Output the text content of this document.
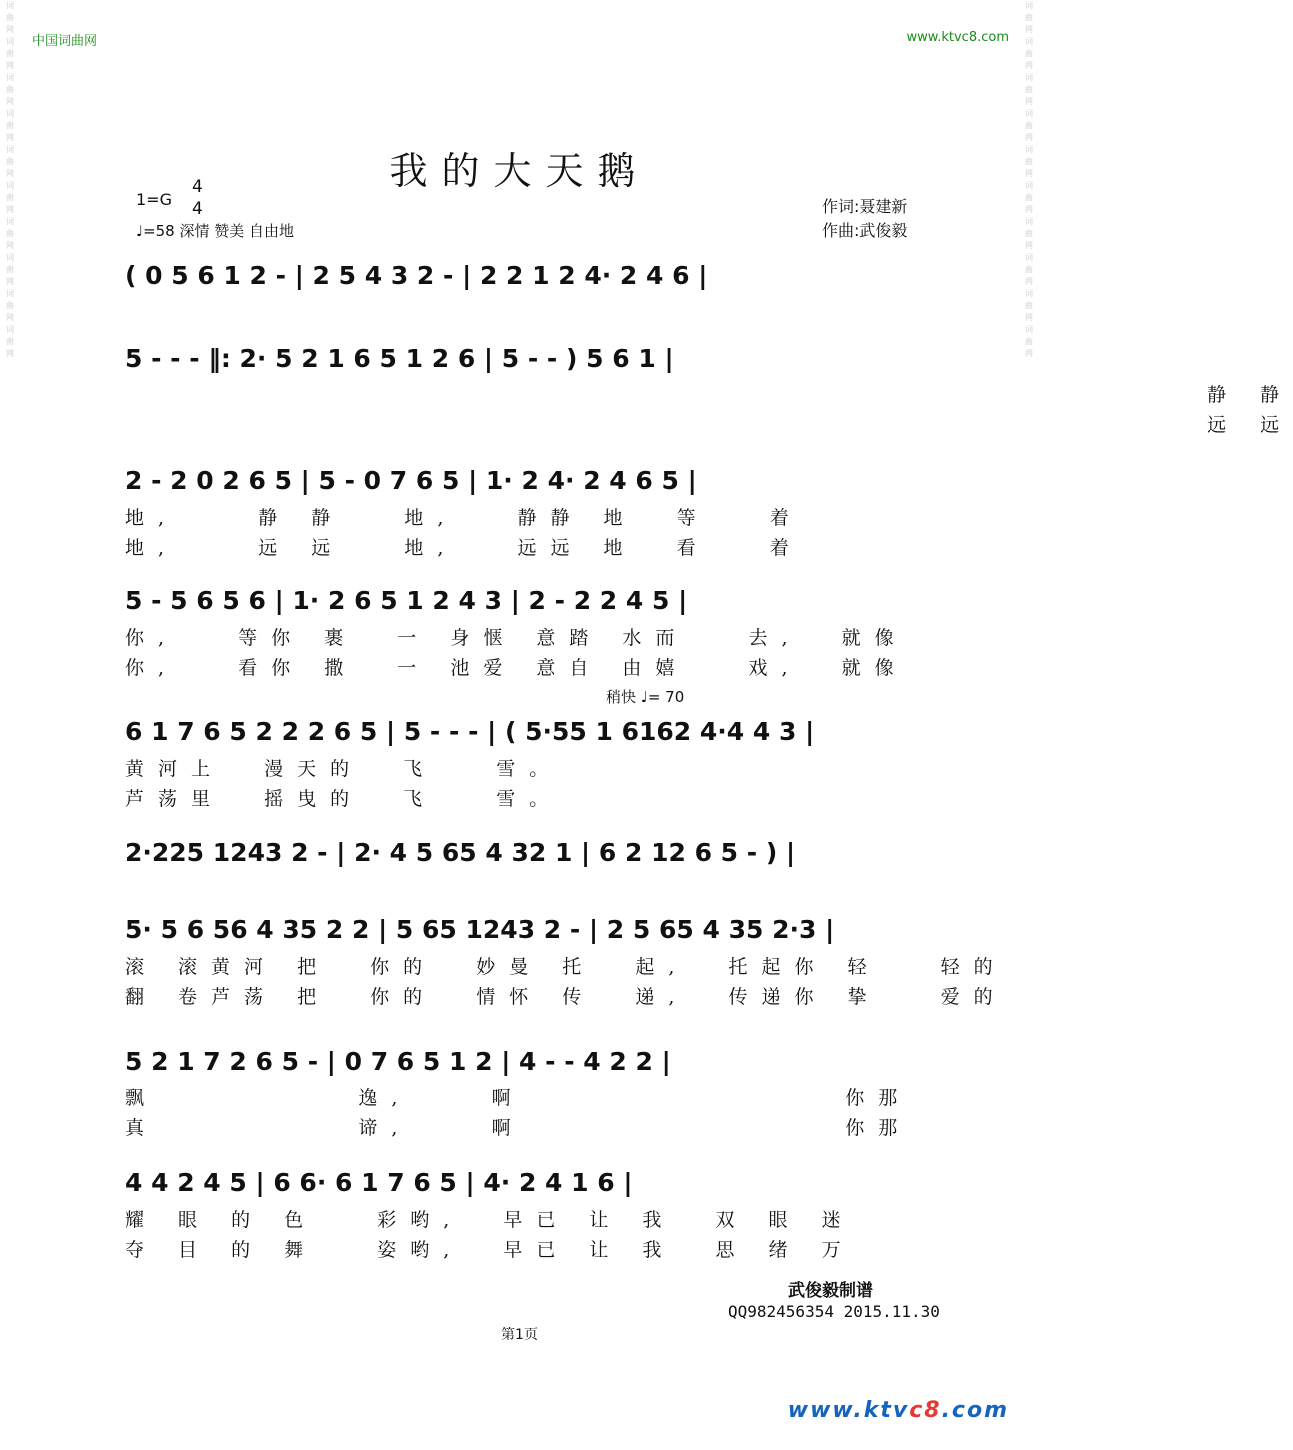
词曲网
词曲网
词曲网
词曲网
词曲网
词曲网
词曲网
词曲网
词曲网
词曲网
词曲网
词曲网
词曲网
词曲网
词曲网
词曲网
词曲网
词曲网
词曲网
词曲网
中国词曲网	www.ktvc8.com
我的大天鹅
1=G
4
4
♩=58 深情 赞美 自由地
作词:聂建新
作曲:武俊毅
( 0 5 6 1 2 - | 2 5 4 3 2 - | 2 2 1 2 4· 2 4 6 |
5 - - - ‖: 2· 5 2 1 6 5 1 2 6 | 5 - - ) 5 6 1 |
静 静
远 远
2 - 2 0 2 6 5 | 5 - 0 7 6 5 | 1· 2 4· 2 4 6 5 |
地,    静 静   地,   静静 地  等   着
地,    远 远   地,   远远 地  看   着
5 - 5 6 5 6 | 1· 2 6 5 1 2 4 3 | 2 - 2 2 4 5 |
你,   等你 裹  一 身惬 意踏 水而   去,  就像
你,   看你 撒  一 池爱 意自 由嬉   戏,  就像
稍快 ♩= 70
6 1 7 6 5 2 2 2 6 5 | 5 - - - | ( 5·55 1 6162 4·4 4 3 |
黄河上  漫天的  飞   雪。
芦荡里  摇曳的  飞   雪。
2·225 1243 2 - | 2· 4 5 65 4 32 1 | 6 2 12 6 5 - ) |
5· 5 6 56 4 35 2 2 | 5 65 1243 2 - | 2 5 65 4 35 2·3 |
滚 滚黄河 把  你的  妙曼 托  起,  托起你 轻   轻的
翻 卷芦荡 把  你的  情怀 传  递,  传递你 挚   爱的
5 2 1 7 2 6 5 - | 0 7 6 5 1 2 | 4 - - 4 2 2 |
飘          逸,    啊                你那
真          谛,    啊                你那
4 4 2 4 5 | 6 6· 6 1 7 6 5 | 4· 2 4 1 6 |
耀 眼 的 色   彩哟,  早已 让 我  双 眼 迷
夺 目 的 舞   姿哟,  早已 让 我  思 绪 万
武俊毅制谱
QQ982456354 2015.11.30
第1页
www.ktvc8.com
